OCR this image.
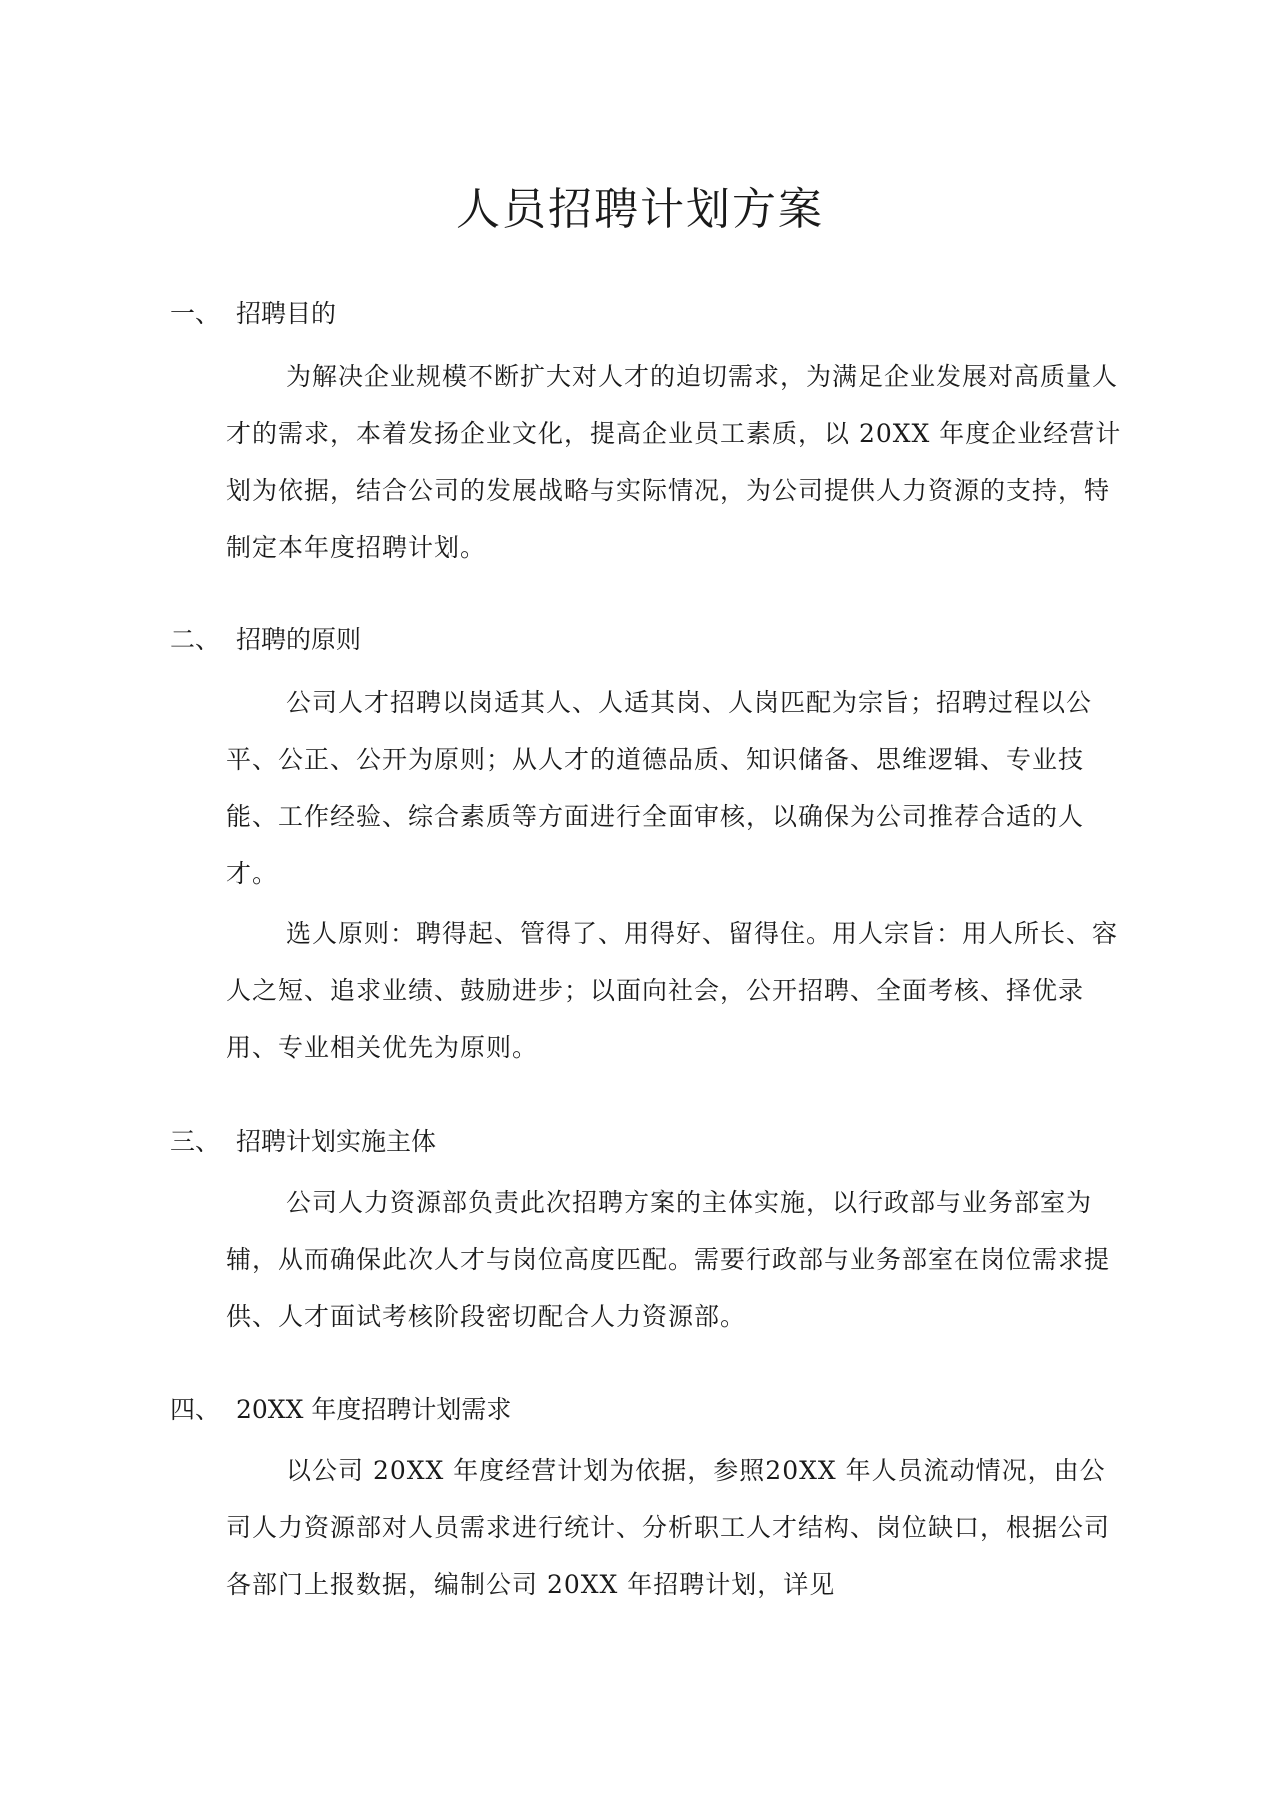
人员招聘计划方案
一、 招聘目的

为解决企业规模不断扩大对人才的迫切需求，为满足企业发展对高质量人才的需求，本着发扬企业文化，提高企业员工素质，以 20XX 年度企业经营计划为依据，结合公司的发展战略与实际情况，为公司提供人力资源的支持，特制定本年度招聘计划。

二、 招聘的原则

公司人才招聘以岗适其人、人适其岗、人岗匹配为宗旨；招聘过程以公平、公正、公开为原则；从人才的道德品质、知识储备、思维逻辑、专业技能、工作经验、综合素质等方面进行全面审核，以确保为公司推荐合适的人才。

选人原则：聘得起、管得了、用得好、留得住。用人宗旨：用人所长、容人之短、追求业绩、鼓励进步；以面向社会，公开招聘、全面考核、择优录用、专业相关优先为原则。

三、 招聘计划实施主体

公司人力资源部负责此次招聘方案的主体实施，以行政部与业务部室为辅，从而确保此次人才与岗位高度匹配。需要行政部与业务部室在岗位需求提供、人才面试考核阶段密切配合人力资源部。

四、 20XX 年度招聘计划需求

以公司 20XX 年度经营计划为依据，参照20XX 年人员流动情况，由公司人力资源部对人员需求进行统计、分析职工人才结构、岗位缺口，根据公司各部门上报数据，编制公司 20XX 年招聘计划，详见
